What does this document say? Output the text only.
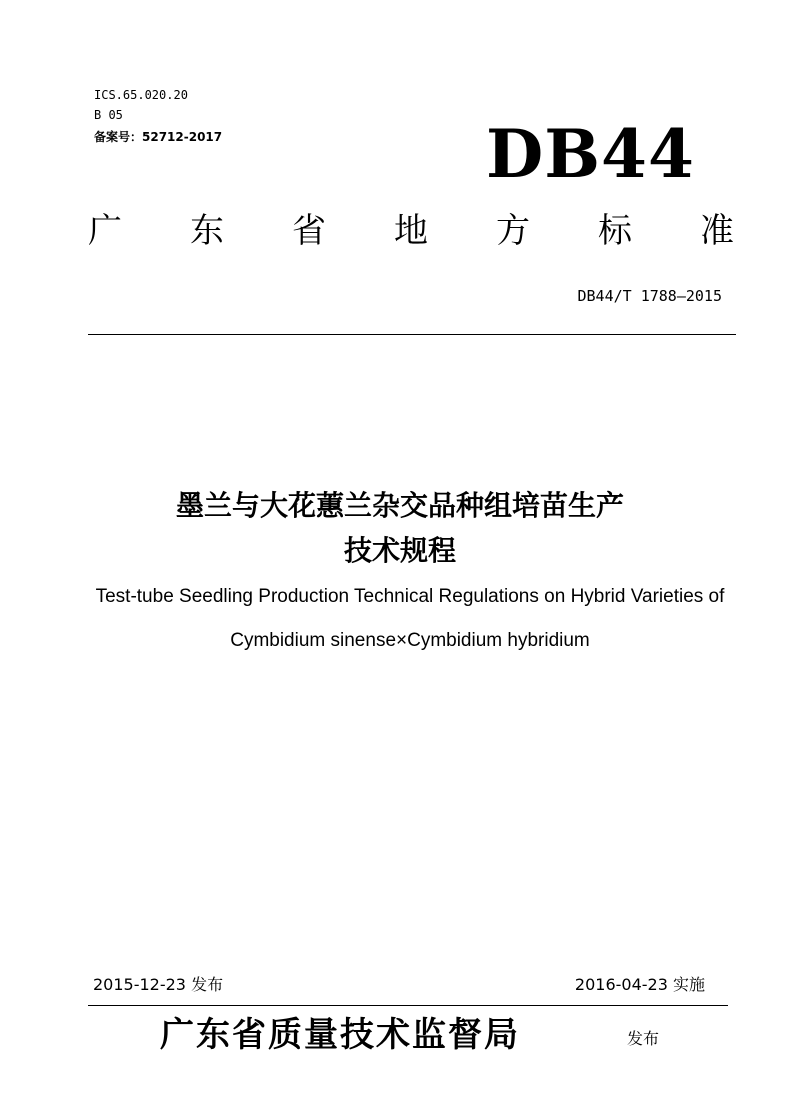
ICS.65.020.20
B 05
备案号：52712-2017	DB44
广 东 省 地 方 标 准
DB44/T 1788—2015
墨兰与大花蕙兰杂交品种组培苗生产
技术规程
Test-tube Seedling Production Technical Regulations on Hybrid Varieties of
Cymbidium sinense×Cymbidium hybridium
2015-12-23 发布	2016-04-23 实施
广东省质量技术监督局	发布
